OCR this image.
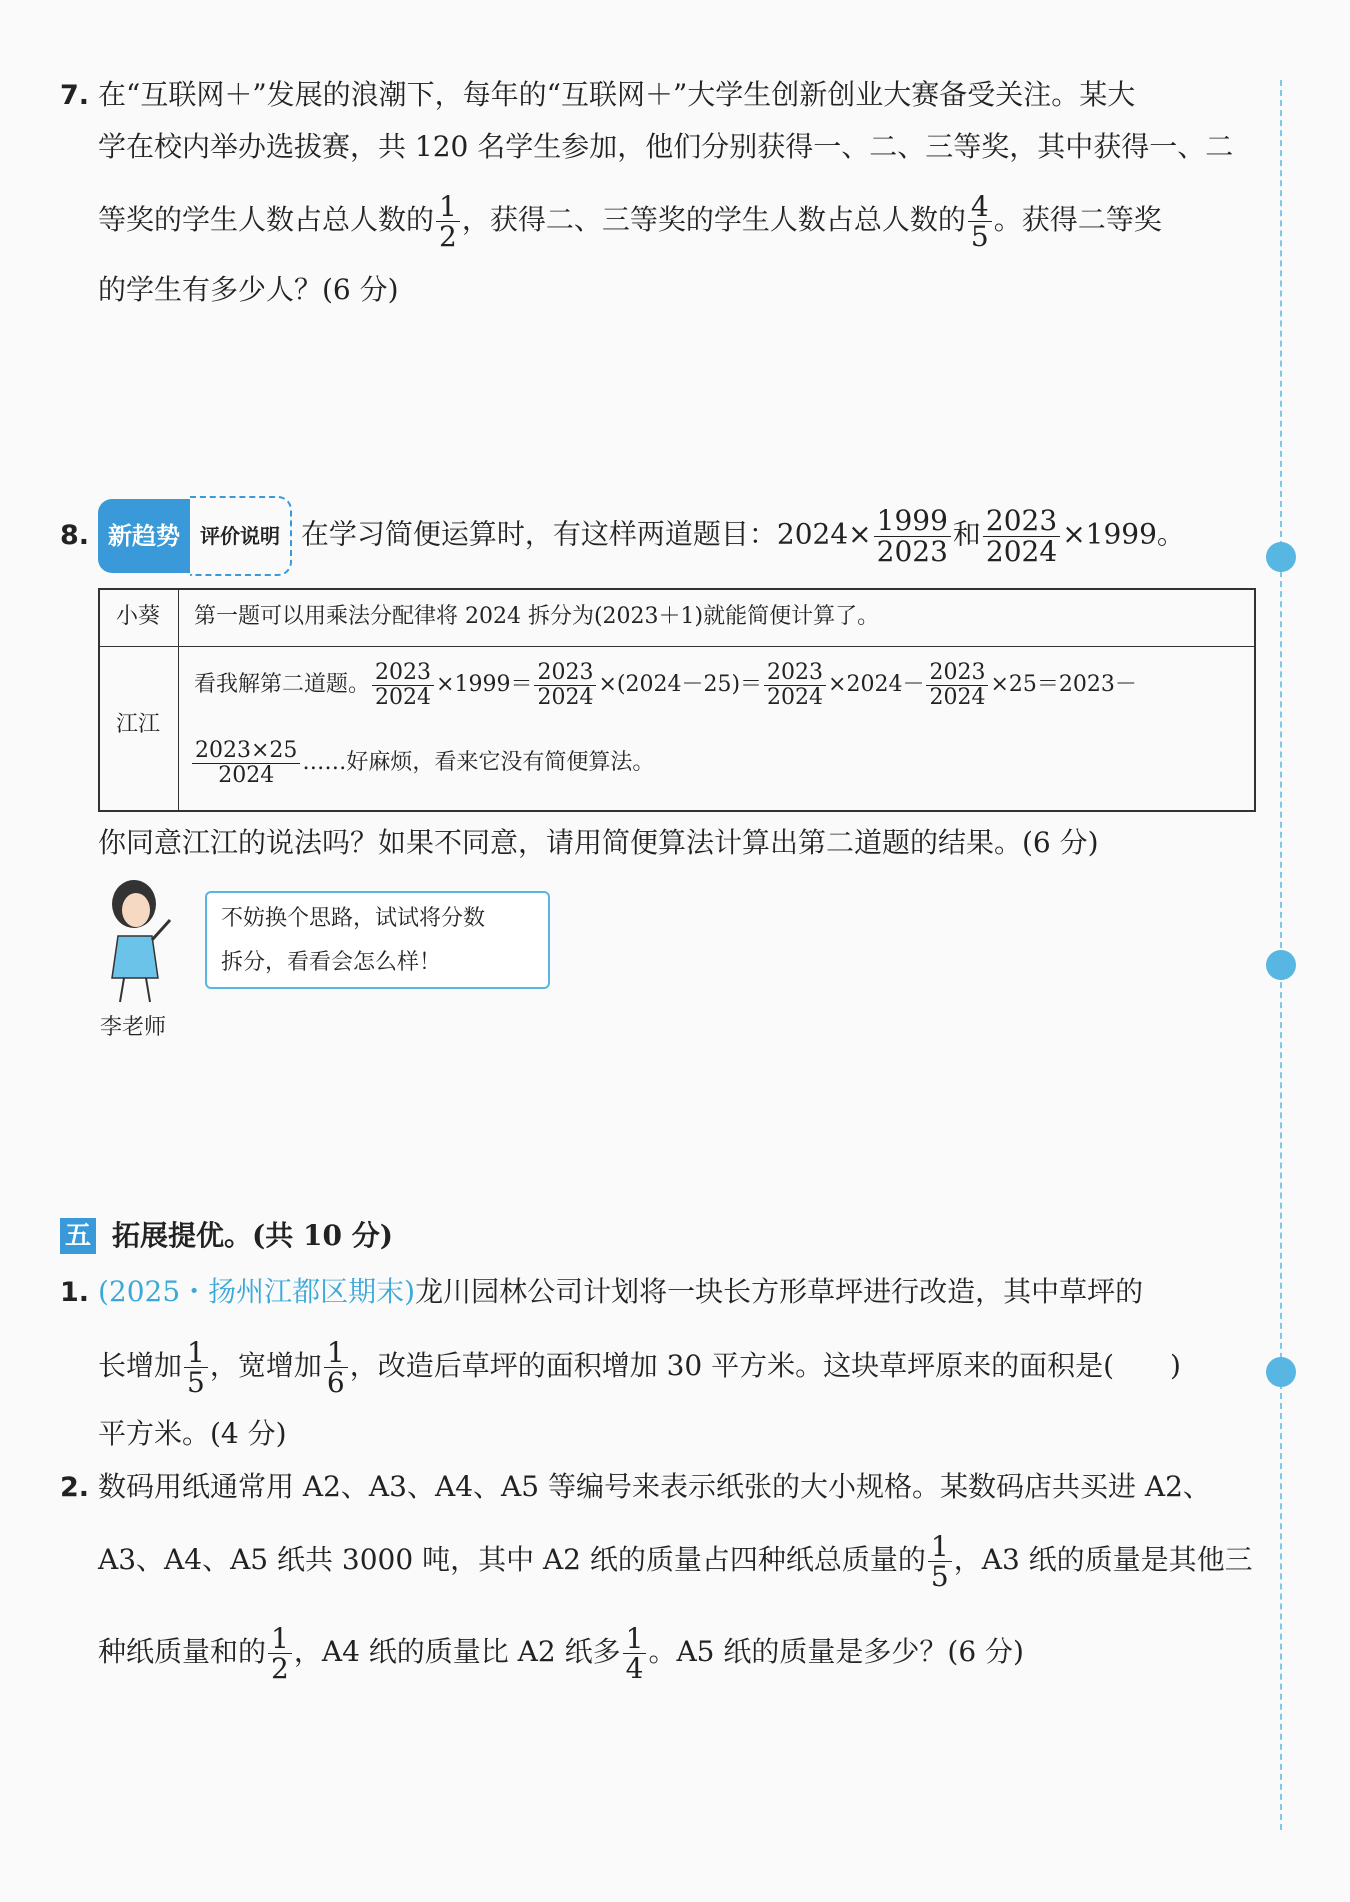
7. 在“互联网＋”发展的浪潮下，每年的“互联网＋”大学生创新创业大赛备受关注。某大
学在校内举办选拔赛，共 120 名学生参加，他们分别获得一、二、三等奖，其中获得一、二
等奖的学生人数占总人数的 $\frac{1}{2}$ ，获得二、三等奖的学生人数占总人数的 $\frac{4}{5}$ 。获得二等奖
的学生有多少人？(6 分)
8. 新趋势 评价说明 在学习简便运算时，有这样两道题目：$2024\times \frac{1999}{2023}$ 和 $\frac{2023}{2024} \times 1999$。
小葵 第一题可以用乘法分配律将 2024 拆分为(2023＋1)就能简便计算了。
江江
看我解第二道题。 $\frac{2023}{2024} \times 1999= \frac{2023}{2024} \times(2024-25)= \frac{2023}{2024} \times 2024- \frac{2023}{2024} \times 25=2023-$
$\frac{2023\times 25}{2024}$ ……好麻烦，看来它没有简便算法。
你同意江江的说法吗？如果不同意，请用简便算法计算出第二道题的结果。(6 分)
李老师
不妨换个思路，试试将分数
拆分，看看会怎么样！
五 拓展提优。(共 10 分)
1. (2025・扬州江都区期末)龙川园林公司计划将一块长方形草坪进行改造，其中草坪的
长增加 $\frac{1}{5}$ ，宽增加 $\frac{1}{6}$ ，改造后草坪的面积增加 30 平方米。这块草坪原来的面积是(　　)
平方米。(4 分)
2. 数码用纸通常用 A2、A3、A4、A5 等编号来表示纸张的大小规格。某数码店共买进 A2、
A3、A4、A5 纸共 3000 吨，其中 A2 纸的质量占四种纸总质量的 $\frac{1}{5}$ ，A3 纸的质量是其他三
种纸质量和的 $\frac{1}{2}$ ，A4 纸的质量比 A2 纸多 $\frac{1}{4}$ 。A5 纸的质量是多少？(6 分)
